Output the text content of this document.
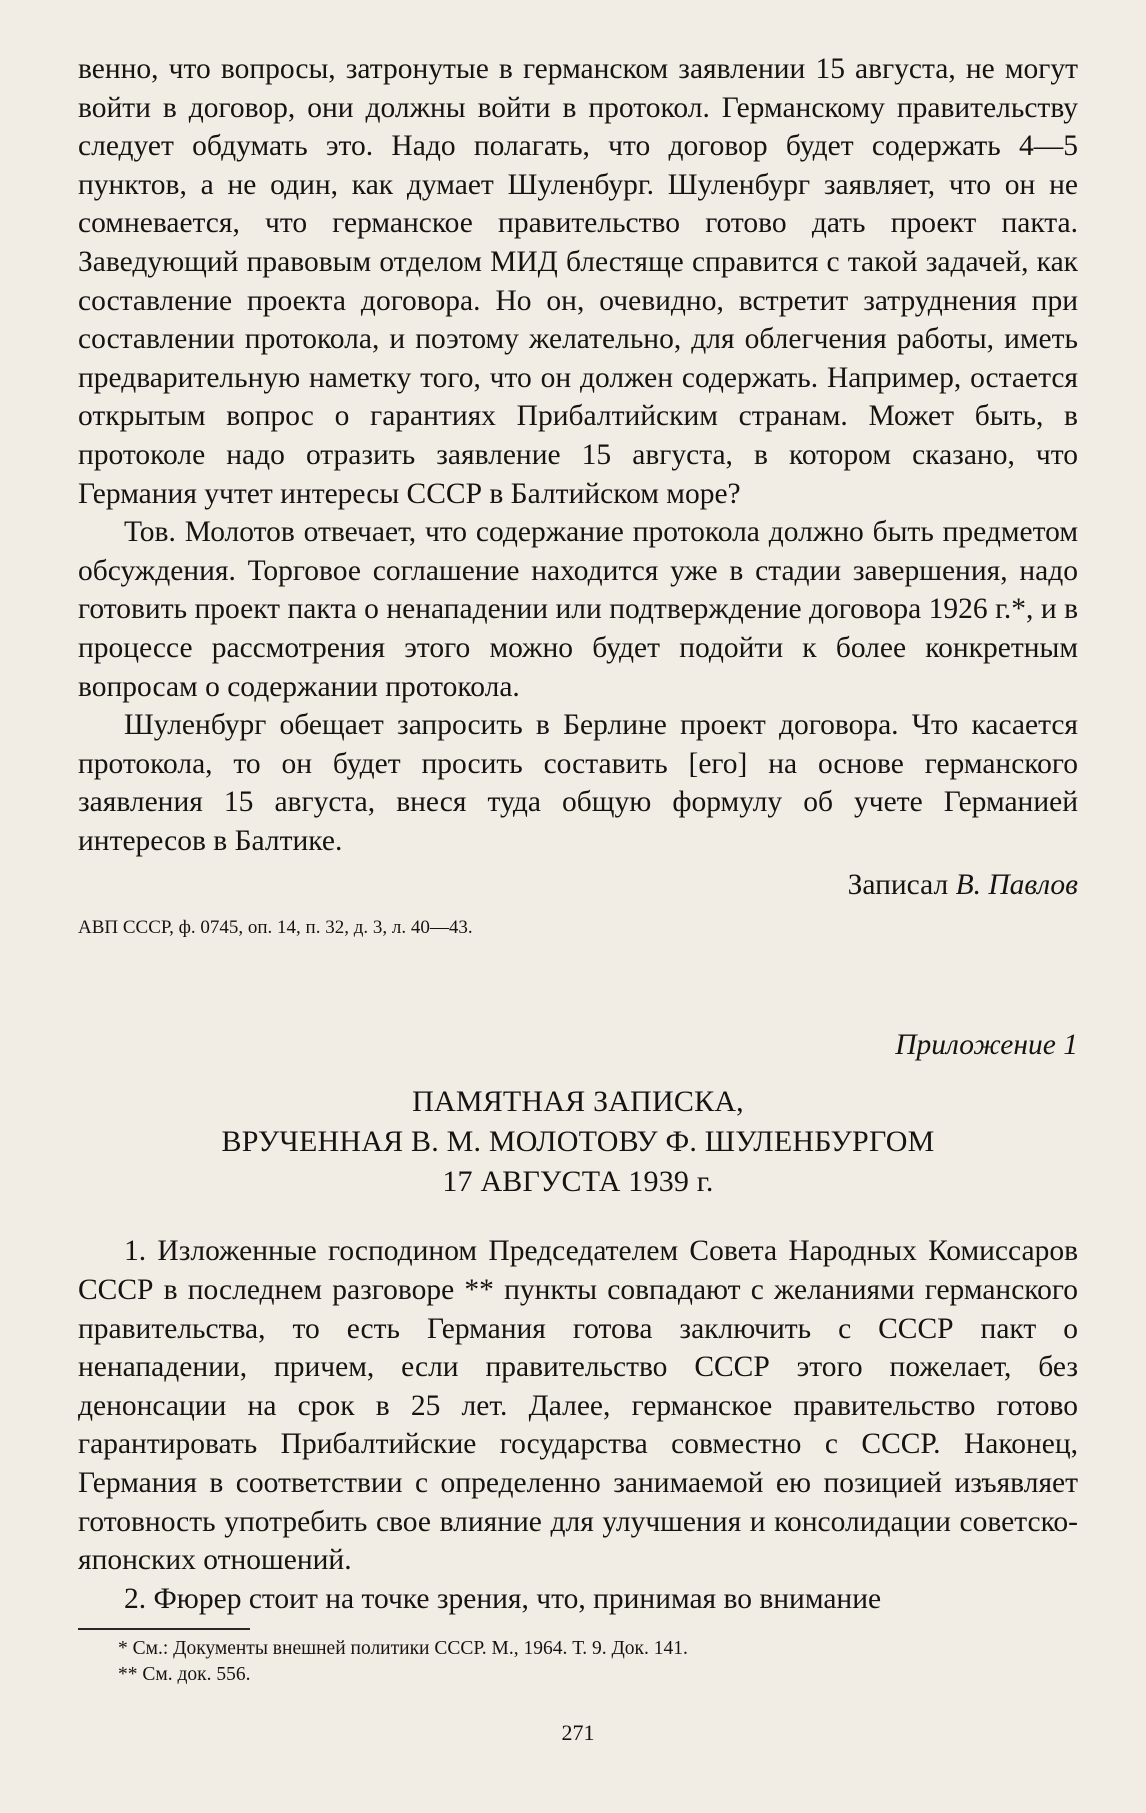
венно, что вопросы, затронутые в германском заявлении 15 августа, не могут войти в договор, они должны войти в протокол. Германскому правительству следует обдумать это. Надо полагать, что договор будет содержать 4—5 пунктов, а не один, как думает Шуленбург. Шуленбург заявляет, что он не сомневается, что германское правительство готово дать проект пакта. Заведующий правовым отделом МИД блестяще справится с такой задачей, как составление проекта договора. Но он, очевидно, встретит затруднения при составлении протокола, и поэтому желательно, для облегчения работы, иметь предварительную наметку того, что он должен содержать. Например, остается открытым вопрос о гарантиях Прибалтийским странам. Может быть, в протоколе надо отразить заявление 15 августа, в котором сказано, что Германия учтет интересы СССР в Балтийском море?

Тов. Молотов отвечает, что содержание протокола должно быть предметом обсуждения. Торговое соглашение находится уже в стадии завершения, надо готовить проект пакта о ненападении или подтверждение договора 1926 г.*, и в процессе рассмотрения этого можно будет подойти к более конкретным вопросам о содержании протокола.

Шуленбург обещает запросить в Берлине проект договора. Что касается протокола, то он будет просить составить [его] на основе германского заявления 15 августа, внеся туда общую формулу об учете Германией интересов в Балтике.

Записал В. Павлов

АВП СССР, ф. 0745, оп. 14, п. 32, д. 3, л. 40—43.

Приложение 1
ПАМЯТНАЯ ЗАПИСКА,
ВРУЧЕННАЯ В. М. МОЛОТОВУ Ф. ШУЛЕНБУРГОМ
17 АВГУСТА 1939 г.

1. Изложенные господином Председателем Совета Народных Комиссаров СССР в последнем разговоре ** пункты совпадают с желаниями германского правительства, то есть Германия готова заключить с СССР пакт о ненападении, причем, если правительство СССР этого пожелает, без денонсации на срок в 25 лет. Далее, германское правительство готово гарантировать Прибалтийские государства совместно с СССР. Наконец, Германия в соответствии с определенно занимаемой ею позицией изъявляет готовность употребить свое влияние для улучшения и консолидации советско-японских отношений.

2. Фюрер стоит на точке зрения, что, принимая во внимание

* См.: Документы внешней политики СССР. М., 1964. Т. 9. Док. 141.

** См. док. 556.

271
